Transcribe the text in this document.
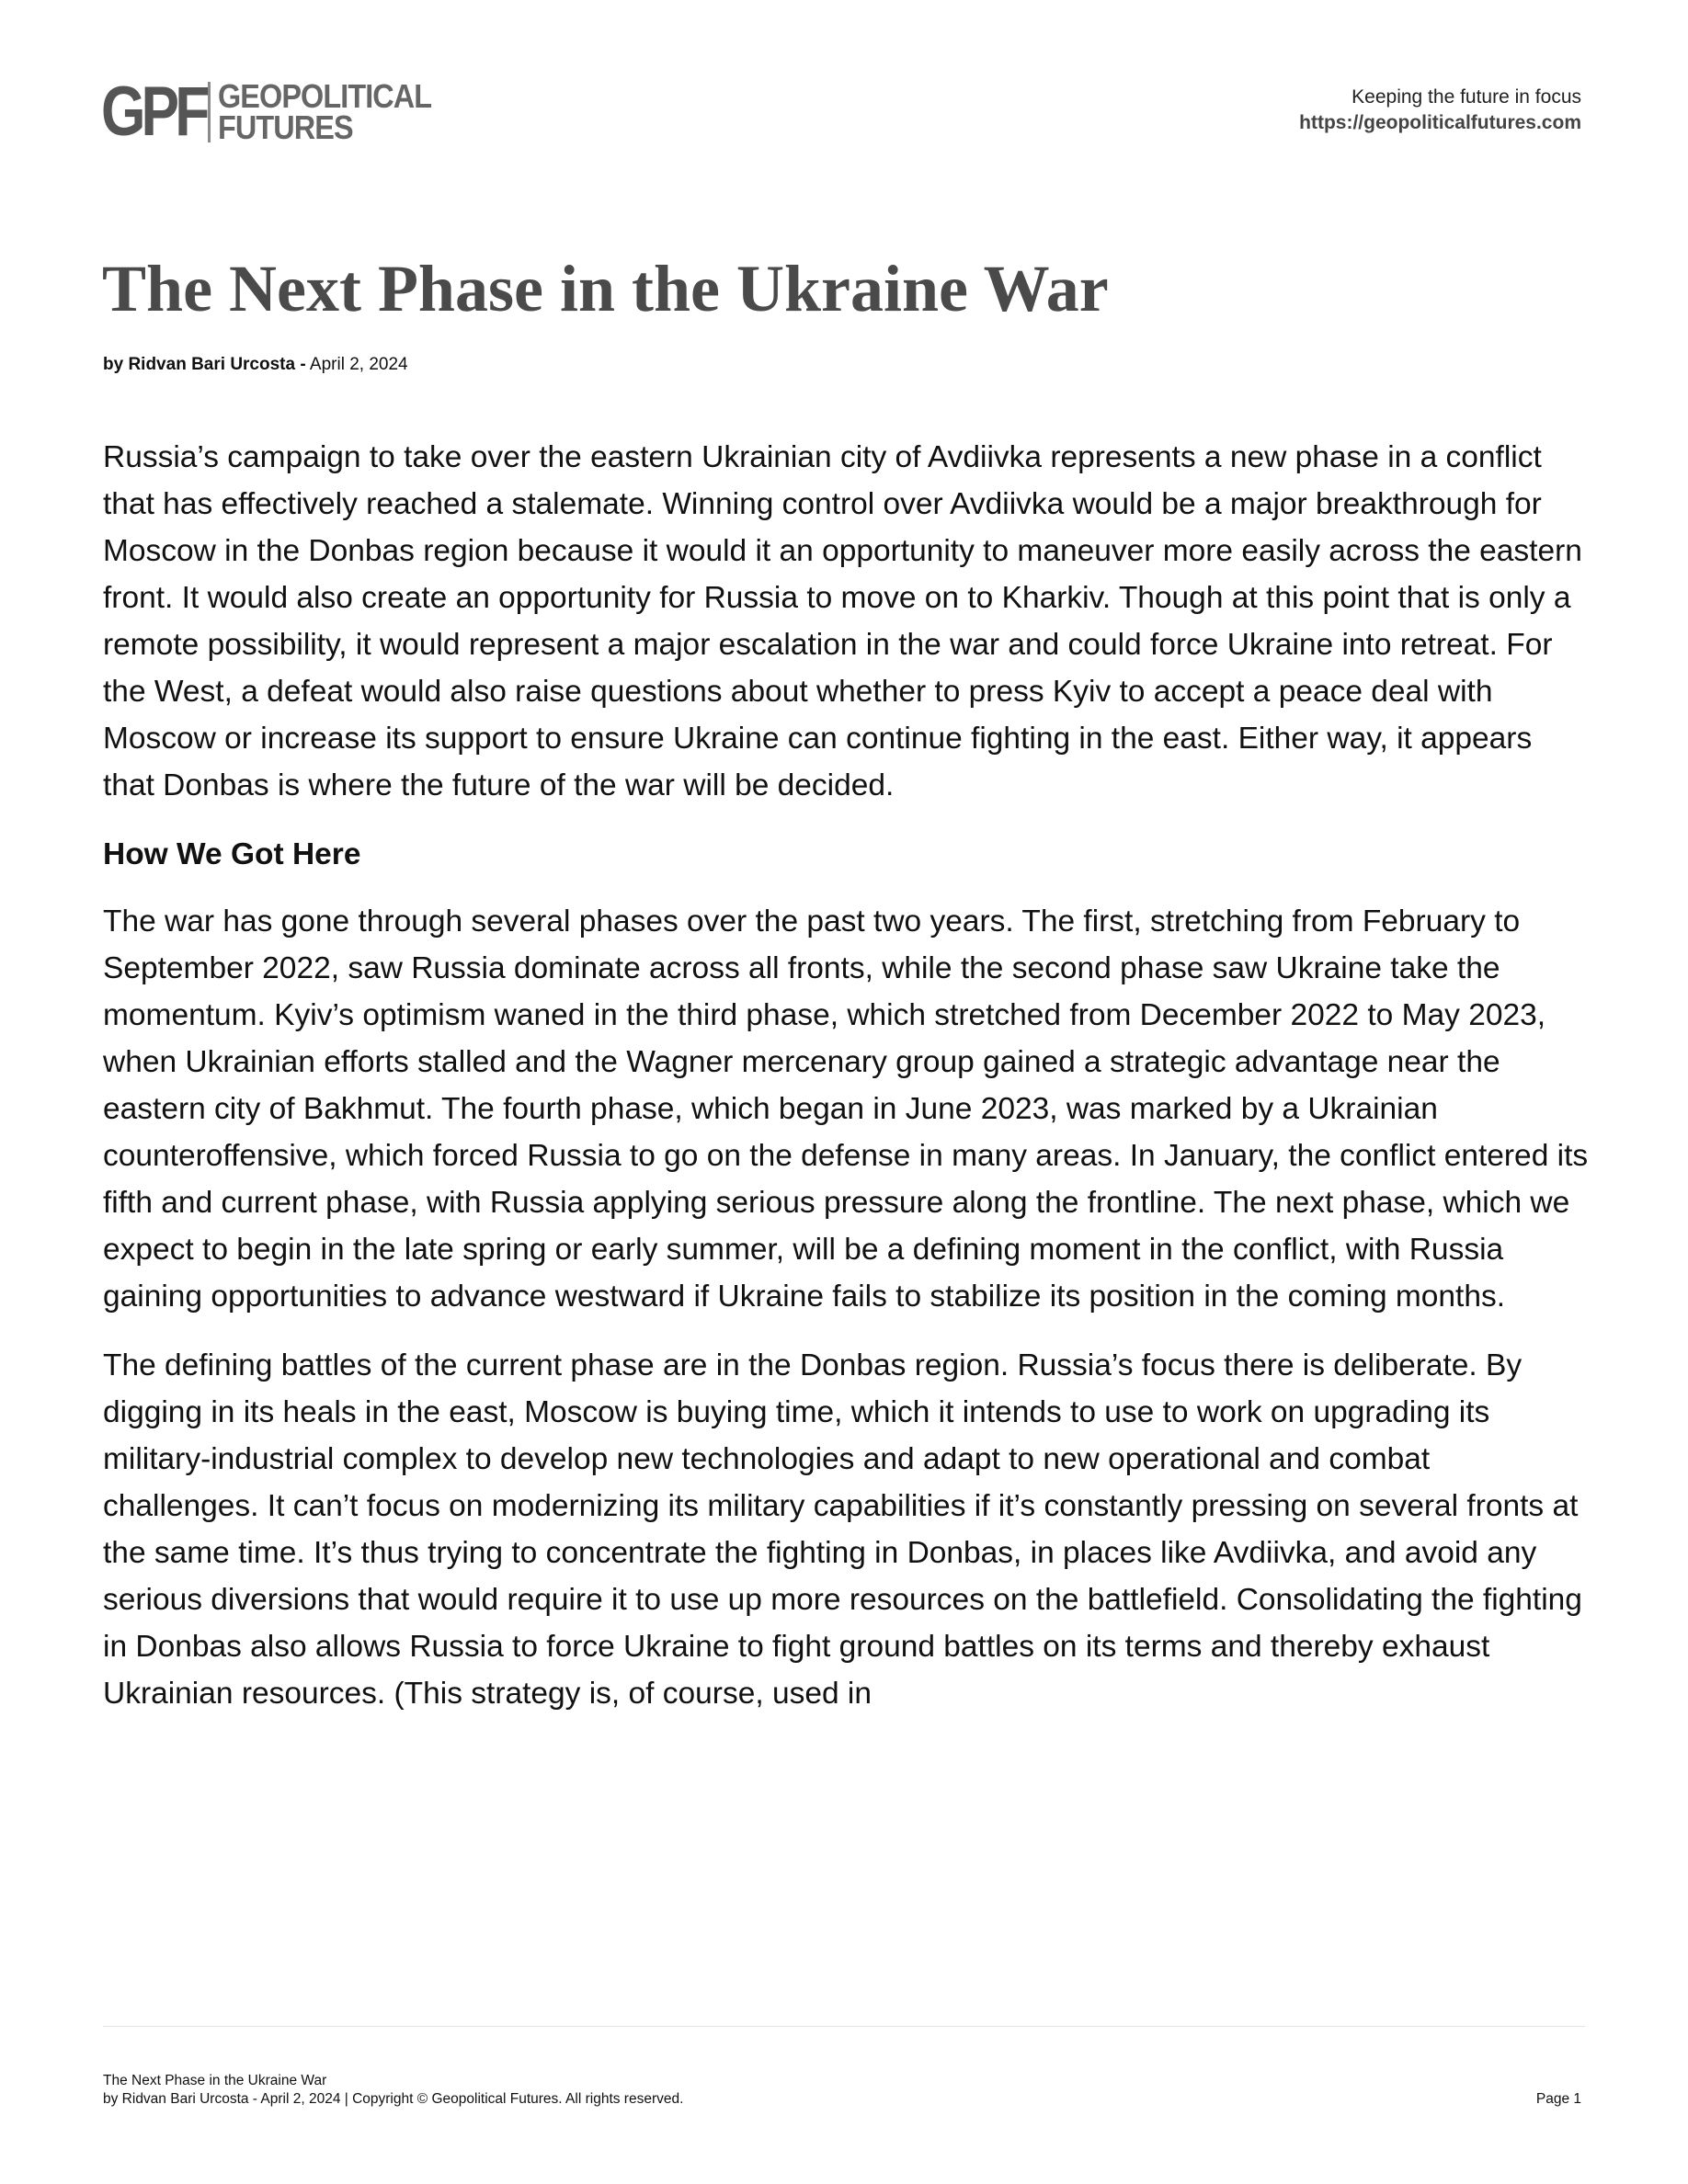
GPF GEOPOLITICAL
FUTURES
Keeping the future in focus
https://geopoliticalfutures.com
The Next Phase in the Ukraine War
by Ridvan Bari Urcosta - April 2, 2024

Russia’s campaign to take over the eastern Ukrainian city of Avdiivka represents a new phase in a conflict that has effectively reached a stalemate. Winning control over Avdiivka would be a major breakthrough for Moscow in the Donbas region because it would it an opportunity to maneuver more easily across the eastern front. It would also create an opportunity for Russia to move on to Kharkiv. Though at this point that is only a remote possibility, it would represent a major escalation in the war and could force Ukraine into retreat. For the West, a defeat would also raise questions about whether to press Kyiv to accept a peace deal with Moscow or increase its support to ensure Ukraine can continue fighting in the east. Either way, it appears that Donbas is where the future of the war will be decided.

How We Got Here

The war has gone through several phases over the past two years. The first, stretching from February to September 2022, saw Russia dominate across all fronts, while the second phase saw Ukraine take the momentum. Kyiv’s optimism waned in the third phase, which stretched from December 2022 to May 2023, when Ukrainian efforts stalled and the Wagner mercenary group gained a strategic advantage near the eastern city of Bakhmut. The fourth phase, which began in June 2023, was marked by a Ukrainian counteroffensive, which forced Russia to go on the defense in many areas. In January, the conflict entered its fifth and current phase, with Russia applying serious pressure along the frontline. The next phase, which we expect to begin in the late spring or early summer, will be a defining moment in the conflict, with Russia gaining opportunities to advance westward if Ukraine fails to stabilize its position in the coming months.

The defining battles of the current phase are in the Donbas region. Russia’s focus there is deliberate. By digging in its heals in the east, Moscow is buying time, which it intends to use to work on upgrading its military-industrial complex to develop new technologies and adapt to new operational and combat challenges. It can’t focus on modernizing its military capabilities if it’s constantly pressing on several fronts at the same time. It’s thus trying to concentrate the fighting in Donbas, in places like Avdiivka, and avoid any serious diversions that would require it to use up more resources on the battlefield. Consolidating the fighting in Donbas also allows Russia to force Ukraine to fight ground battles on its terms and thereby exhaust Ukrainian resources. (This strategy is, of course, used in

The Next Phase in the Ukraine War
by Ridvan Bari Urcosta - April 2, 2024 | Copyright © Geopolitical Futures. All rights reserved.	Page 1
